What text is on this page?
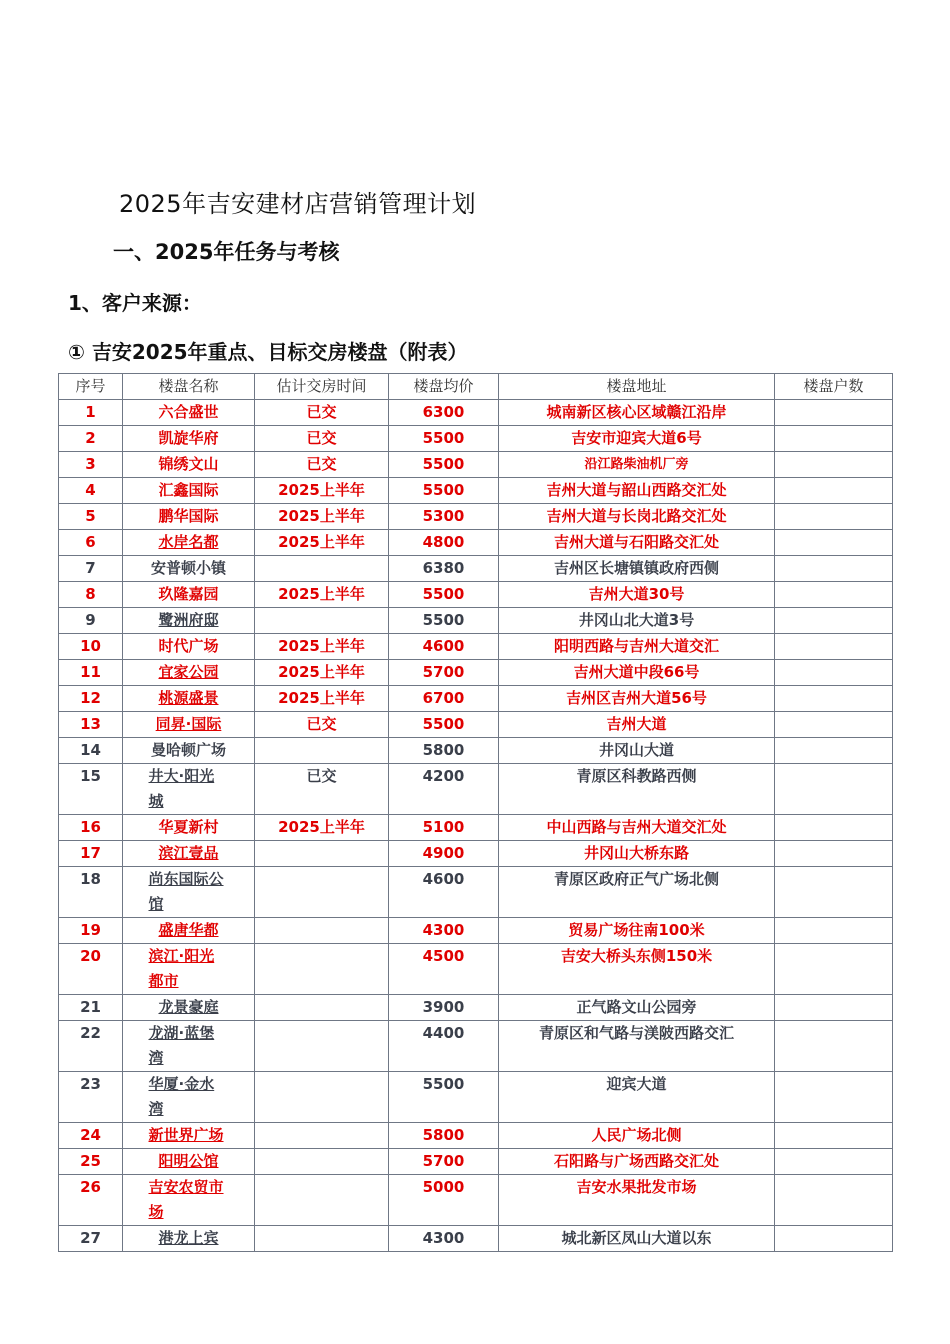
2025年吉安建材店营销管理计划
一、2025年任务与考核
1、客户来源：
① 吉安2025年重点、目标交房楼盘（附表）
序号	楼盘名称	估计交房时间	楼盘均价	楼盘地址	楼盘户数
1	六合盛世	已交	6300	城南新区核心区域赣江沿岸	
2	凯旋华府	已交	5500	吉安市迎宾大道6号	
3	锦绣文山	已交	5500	沿江路柴油机厂旁	
4	汇鑫国际	2025上半年	5500	吉州大道与韶山西路交汇处	
5	鹏华国际	2025上半年	5300	吉州大道与长岗北路交汇处	
6	水岸名都	2025上半年	4800	吉州大道与石阳路交汇处	
7	安普顿小镇		6380	吉州区长塘镇镇政府西侧	
8	玖隆嘉园	2025上半年	5500	吉州大道30号	
9	鹭洲府邸		5500	井冈山北大道3号	
10	时代广场	2025上半年	4600	阳明西路与吉州大道交汇	
11	宜家公园	2025上半年	5700	吉州大道中段66号	
12	桃源盛景	2025上半年	6700	吉州区吉州大道56号	
13	同昇·国际	已交	5500	吉州大道	
14	曼哈顿广场		5800	井冈山大道	
15	井大·阳光城	已交	4200	青原区科教路西侧	
16	华夏新村	2025上半年	5100	中山西路与吉州大道交汇处	
17	滨江壹品		4900	井冈山大桥东路	
18	尚东国际公馆		4600	青原区政府正气广场北侧	
19	盛唐华都		4300	贸易广场往南100米	
20	滨江·阳光都市		4500	吉安大桥头东侧150米	
21	龙景豪庭		3900	正气路文山公园旁	
22	龙湖·蓝堡湾		4400	青原区和气路与渼陂西路交汇	
23	华厦·金水湾		5500	迎宾大道	
24	新世界广场		5800	人民广场北侧	
25	阳明公馆		5700	石阳路与广场西路交汇处	
26	吉安农贸市场		5000	吉安水果批发市场	
27	港龙上宾		4300	城北新区凤山大道以东	
